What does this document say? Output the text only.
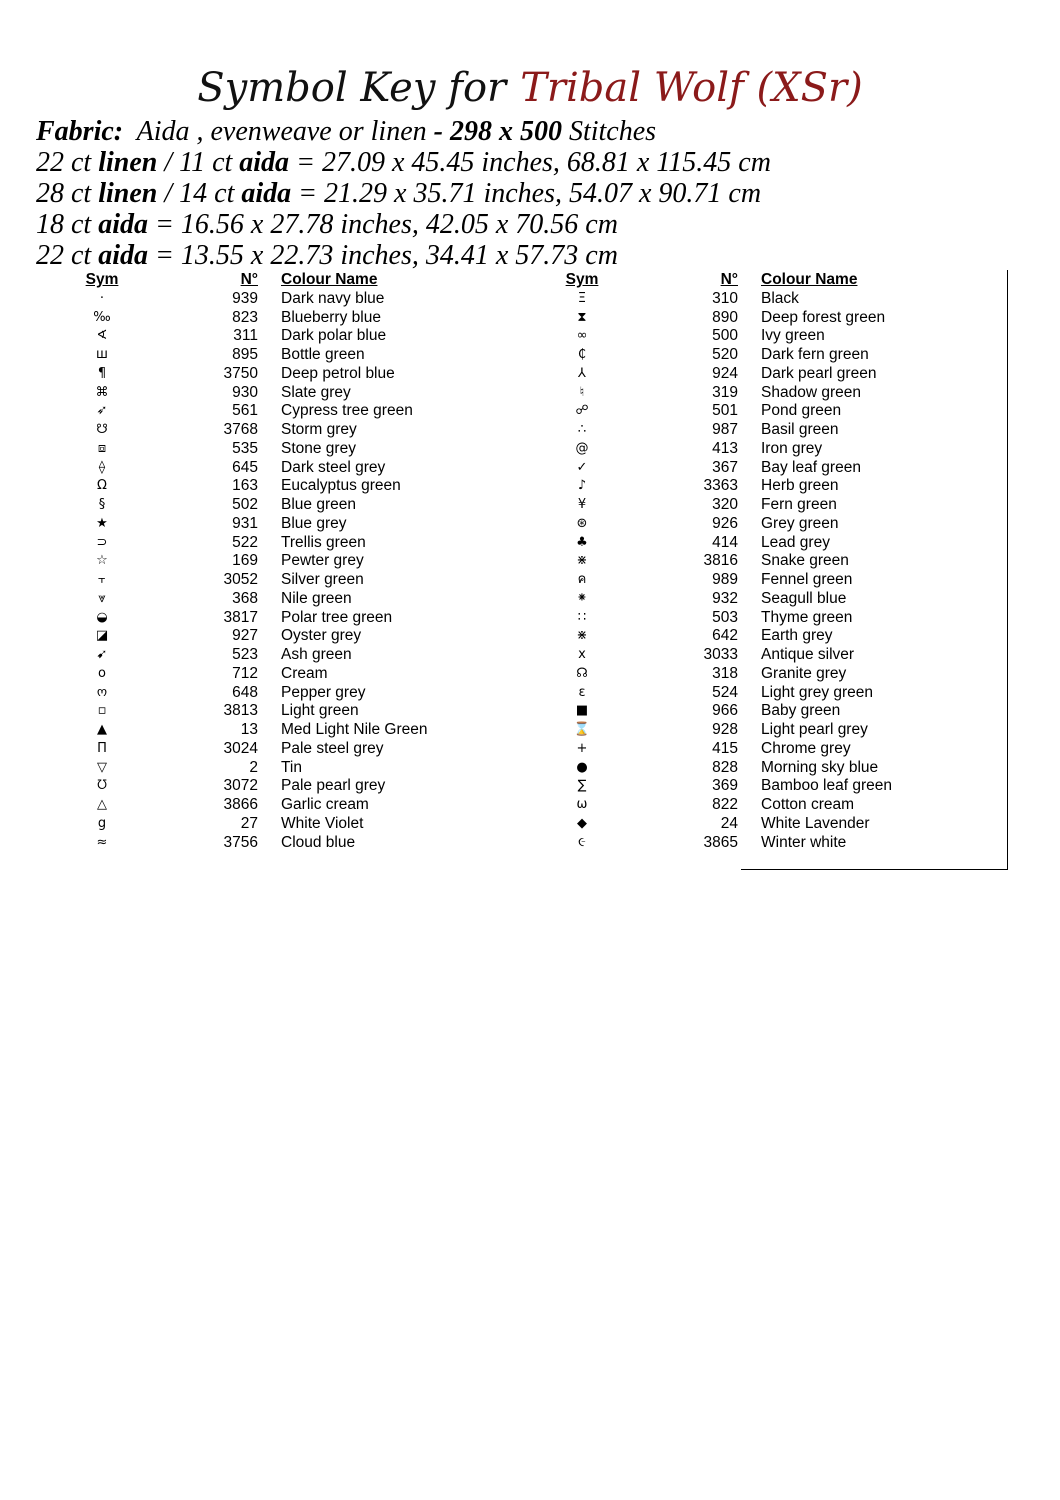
Symbol Key for Tribal Wolf (XSr)
Fabric: Aida , evenweave or linen - 298 x 500 Stitches
22 ct linen / 11 ct aida = 27.09 x 45.45 inches, 68.81 x 115.45 cm
28 ct linen / 14 ct aida = 21.29 x 35.71 inches, 54.07 x 90.71 cm
18 ct aida = 16.56 x 27.78 inches, 42.05 x 70.56 cm
22 ct aida = 13.55 x 22.73 inches, 34.41 x 57.73 cm
Sym	N° Colour Name
·	939 Dark navy blue
‰	823 Blueberry blue
∢	311 Dark polar blue
ш	895 Bottle green
¶	3750 Deep petrol blue
⌘	930 Slate grey
➶	561 Cypress tree green
☋	3768 Storm grey
⧈	535 Stone grey
⟠	645 Dark steel grey
Ω	163 Eucalyptus green
§	502 Blue green
★	931 Blue grey
⊃	522 Trellis green
☆	169 Pewter grey
⫟	3052 Silver green
⩔	368 Nile green
◒	3817 Polar tree green
◪	927 Oyster grey
➹	523 Ash green
o	712 Cream
ო	648 Pepper grey
▫	3813 Light green
▲	13 Med Light Nile Green
Π	3024 Pale steel grey
▽	2 Tin
ᘮ	3072 Pale pearl grey
△	3866 Garlic cream
g	27 White Violet
≈	3756 Cloud blue
Sym	N° Colour Name
Ξ	310 Black
⧗	890 Deep forest green
∞	500 Ivy green
₵	520 Dark fern green
⅄	924 Dark pearl green
♮	319 Shadow green
☍	501 Pond green
∴	987 Basil green
@	413 Iron grey
✓	367 Bay leaf green
♪	3363 Herb green
¥	320 Fern green
⊛	926 Grey green
♣	414 Lead grey
⋇	3816 Snake green
ค	989 Fennel green
⁕	932 Seagull blue
∷	503 Thyme green
⋇	642 Earth grey
x	3033 Antique silver
☊	318 Granite grey
ε	524 Light grey green
■	966 Baby green
⌛	928 Light pearl grey
+	415 Chrome grey
●	828 Morning sky blue
∑	369 Bamboo leaf green
ω	822 Cotton cream
◆	24 White Lavender
૯	3865 Winter white
